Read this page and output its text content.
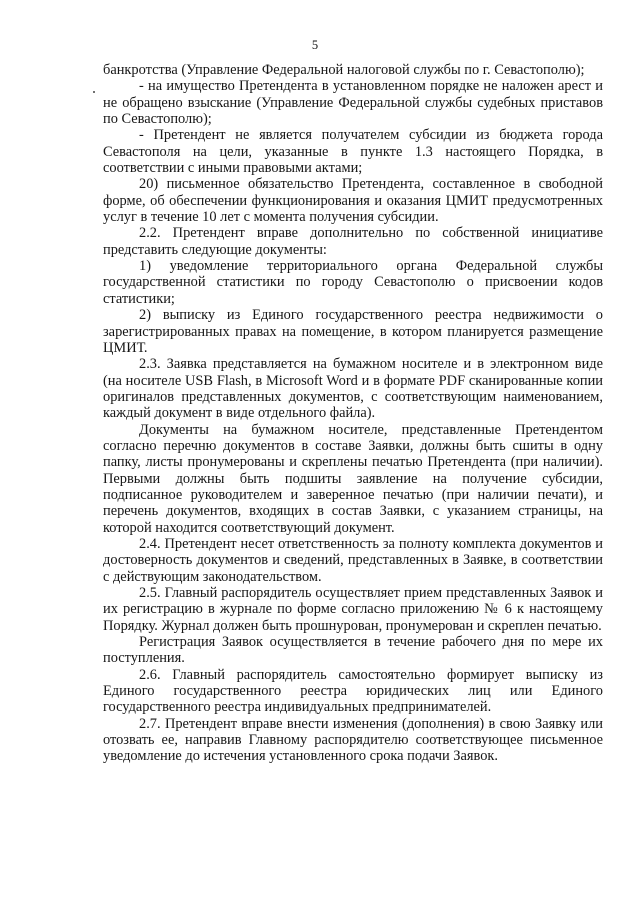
5

банкротства (Управление Федеральной налоговой службы по г. Севастополю);

- на имущество Претендента в установленном порядке не наложен арест и не обращено взыскание (Управление Федеральной службы судебных приставов по Севастополю);

- Претендент не является получателем субсидии из бюджета города Севастополя на цели, указанные в пункте 1.3 настоящего Порядка, в соответствии с иными правовыми актами;

20) письменное обязательство Претендента, составленное в свободной форме, об обеспечении функционирования и оказания ЦМИТ предусмотренных услуг в течение 10 лет с момента получения субсидии.

2.2. Претендент вправе дополнительно по собственной инициативе представить следующие документы:

1) уведомление территориального органа Федеральной службы государственной статистики по городу Севастополю о присвоении кодов статистики;

2) выписку из Единого государственного реестра недвижимости о зарегистрированных правах на помещение, в котором планируется размещение ЦМИТ.

2.3. Заявка представляется на бумажном носителе и в электронном виде (на носителе USB Flash, в Microsoft Word и в формате PDF сканированные копии оригиналов представленных документов, с соответствующим наименованием, каждый документ в виде отдельного файла).

Документы на бумажном носителе, представленные Претендентом согласно перечню документов в составе Заявки, должны быть сшиты в одну папку, листы пронумерованы и скреплены печатью Претендента (при наличии). Первыми должны быть подшиты заявление на получение субсидии, подписанное руководителем и заверенное печатью (при наличии печати), и перечень документов, входящих в состав Заявки, с указанием страницы, на которой находится соответствующий документ.

2.4. Претендент несет ответственность за полноту комплекта документов и достоверность документов и сведений, представленных в Заявке, в соответствии с действующим законодательством.

2.5. Главный распорядитель осуществляет прием представленных Заявок и их регистрацию в журнале по форме согласно приложению № 6 к настоящему Порядку. Журнал должен быть прошнурован, пронумерован и скреплен печатью.

Регистрация Заявок осуществляется в течение рабочего дня по мере их поступления.

2.6. Главный распорядитель самостоятельно формирует выписку из Единого государственного реестра юридических лиц или Единого государственного реестра индивидуальных предпринимателей.

2.7. Претендент вправе внести изменения (дополнения) в свою Заявку или отозвать ее, направив Главному распорядителю соответствующее письменное уведомление до истечения установленного срока подачи Заявок.
